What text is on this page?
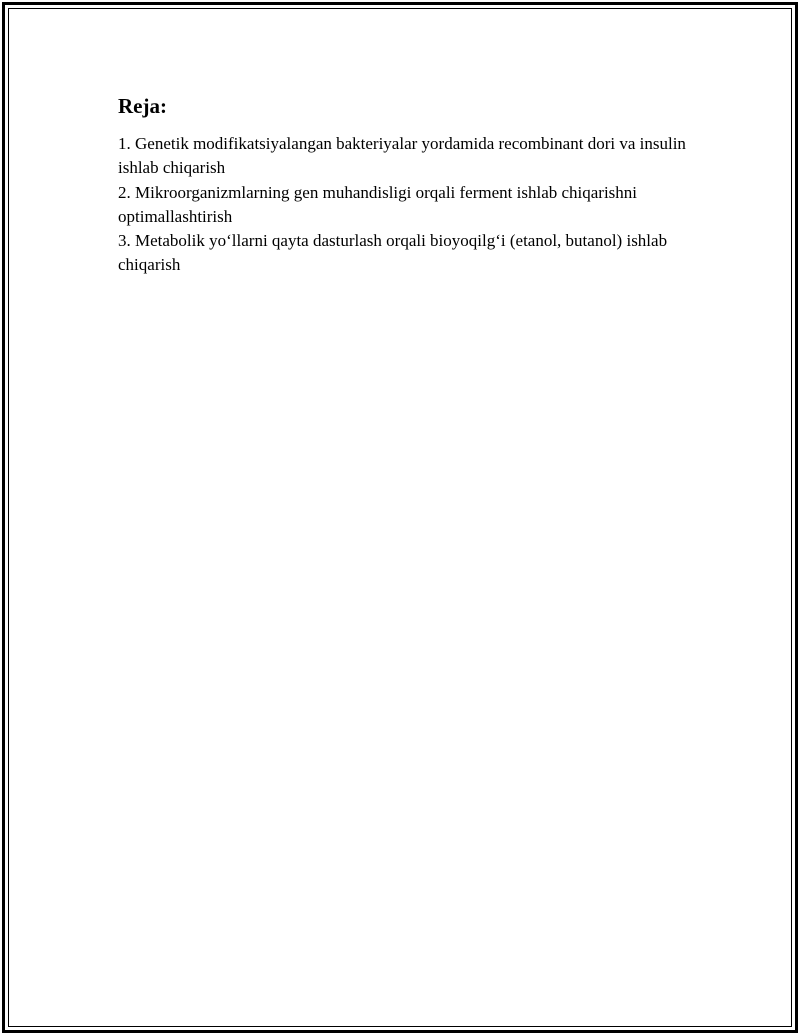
Reja:
1. Genetik modifikatsiyalangan bakteriyalar yordamida recombinant dori va insulin ishlab chiqarish
2. Mikroorganizmlarning gen muhandisligi orqali ferment ishlab chiqarishni optimallashtirish
3. Metabolik yo‘llarni qayta dasturlash orqali bioyoqilg‘i (etanol, butanol) ishlab chiqarish
